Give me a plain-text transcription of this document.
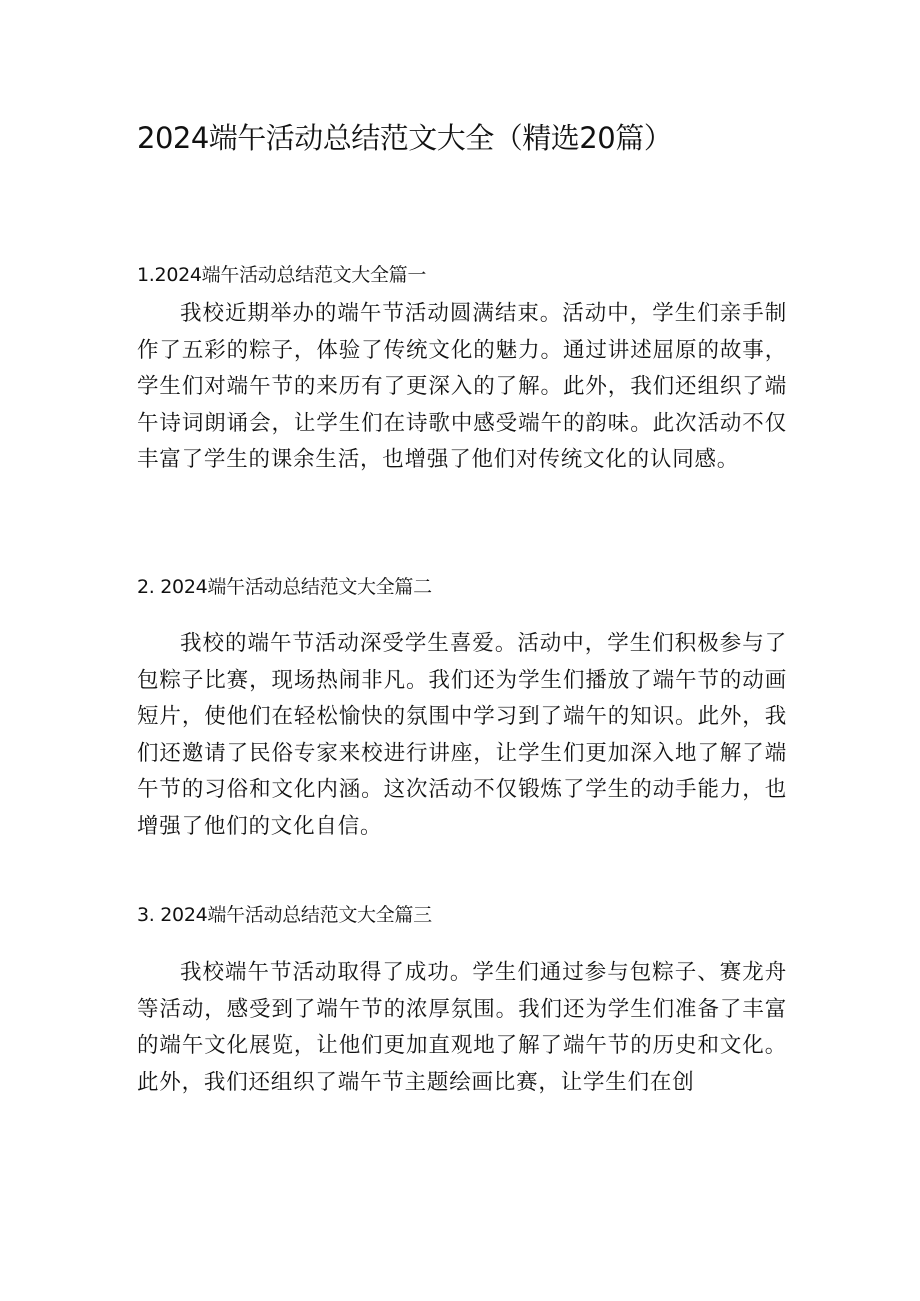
2024端午活动总结范文大全（精选20篇）
1.2024端午活动总结范文大全篇一

我校近期举办的端午节活动圆满结束。活动中，学生们亲手制作了五彩的粽子，体验了传统文化的魅力。通过讲述屈原的故事，学生们对端午节的来历有了更深入的了解。此外，我们还组织了端午诗词朗诵会，让学生们在诗歌中感受端午的韵味。此次活动不仅丰富了学生的课余生活，也增强了他们对传统文化的认同感。

2. 2024端午活动总结范文大全篇二

我校的端午节活动深受学生喜爱。活动中，学生们积极参与了包粽子比赛，现场热闹非凡。我们还为学生们播放了端午节的动画短片，使他们在轻松愉快的氛围中学习到了端午的知识。此外，我们还邀请了民俗专家来校进行讲座，让学生们更加深入地了解了端午节的习俗和文化内涵。这次活动不仅锻炼了学生的动手能力，也增强了他们的文化自信。

3. 2024端午活动总结范文大全篇三

我校端午节活动取得了成功。学生们通过参与包粽子、赛龙舟等活动，感受到了端午节的浓厚氛围。我们还为学生们准备了丰富的端午文化展览，让他们更加直观地了解了端午节的历史和文化。此外，我们还组织了端午节主题绘画比赛，让学生们在创
